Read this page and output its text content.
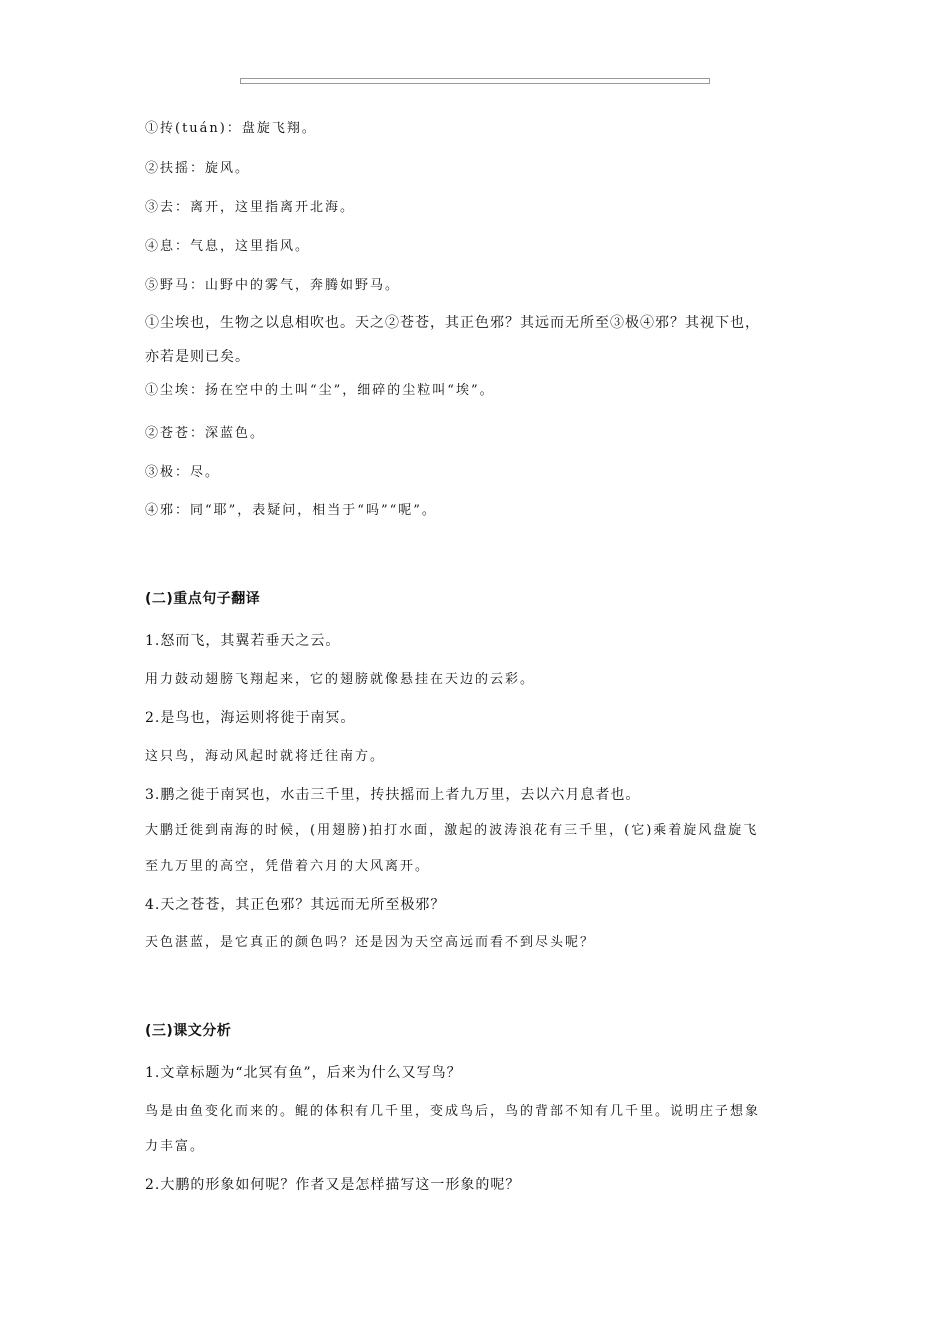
①抟(tuán)：盘旋飞翔。
②扶摇：旋风。
③去：离开，这里指离开北海。
④息：气息，这里指风。
⑤野马：山野中的雾气，奔腾如野马。
①尘埃也，生物之以息相吹也。天之②苍苍，其正色邪？其远而无所至③极④邪？其视下也，
亦若是则已矣。
①尘埃：扬在空中的土叫“尘”，细碎的尘粒叫“埃”。
②苍苍：深蓝色。
③极：尽。
④邪：同“耶”，表疑问，相当于“吗”“呢”。
(二)重点句子翻译
1.怒而飞，其翼若垂天之云。
用力鼓动翅膀飞翔起来，它的翅膀就像悬挂在天边的云彩。
2.是鸟也，海运则将徙于南冥。
这只鸟，海动风起时就将迁往南方。
3.鹏之徙于南冥也，水击三千里，抟扶摇而上者九万里，去以六月息者也。
大鹏迁徙到南海的时候，(用翅膀)拍打水面，激起的波涛浪花有三千里，(它)乘着旋风盘旋飞
至九万里的高空，凭借着六月的大风离开。
4.天之苍苍，其正色邪？其远而无所至极邪？
天色湛蓝，是它真正的颜色吗？还是因为天空高远而看不到尽头呢？
(三)课文分析
1.文章标题为“北冥有鱼”，后来为什么又写鸟？
鸟是由鱼变化而来的。鲲的体积有几千里，变成鸟后，鸟的背部不知有几千里。说明庄子想象
力丰富。
2.大鹏的形象如何呢？作者又是怎样描写这一形象的呢？
